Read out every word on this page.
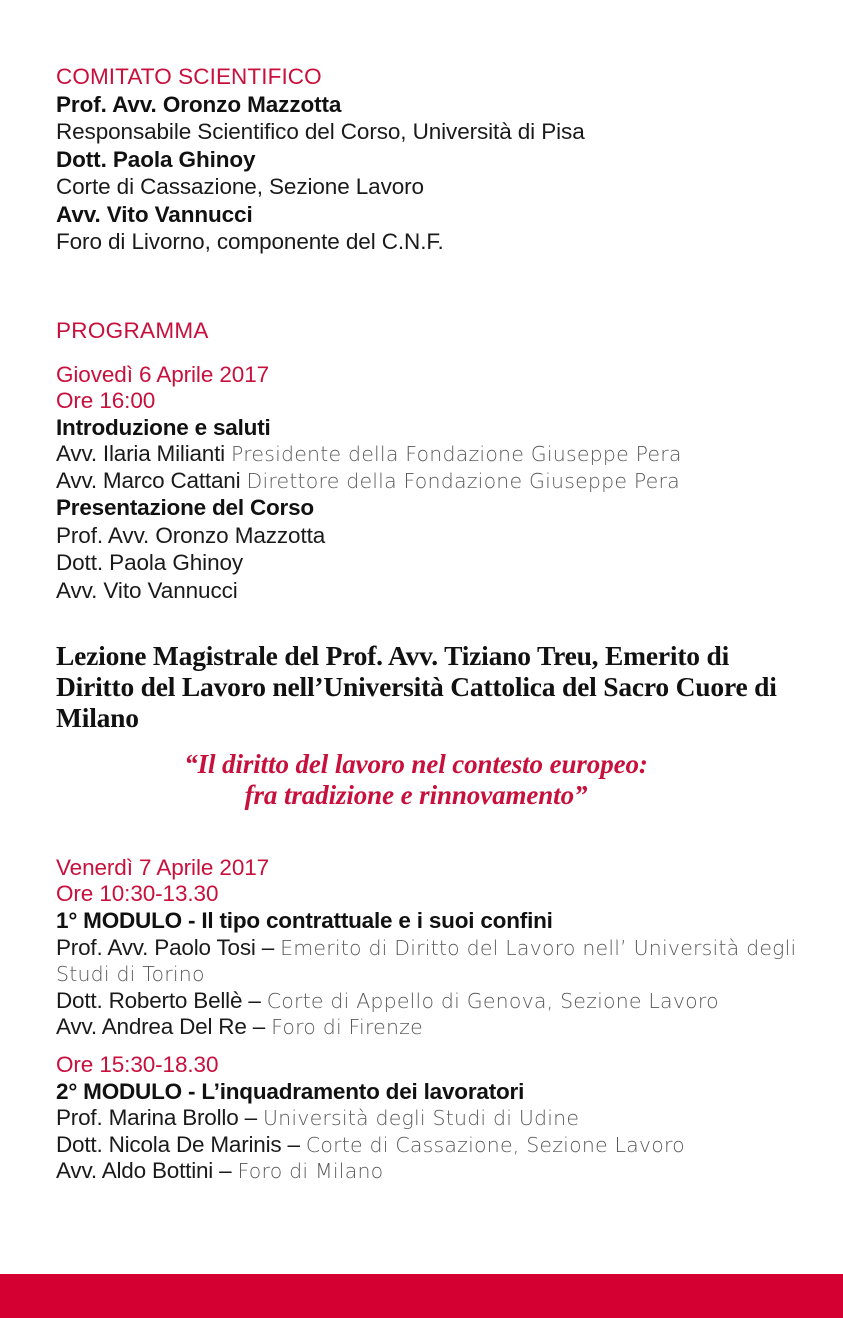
COMITATO SCIENTIFICO
Prof. Avv. Oronzo Mazzotta
Responsabile Scientifico del Corso, Università di Pisa
Dott. Paola Ghinoy
Corte di Cassazione, Sezione Lavoro
Avv. Vito Vannucci
Foro di Livorno, componente del C.N.F.
PROGRAMMA
Giovedì 6 Aprile 2017
Ore 16:00
Introduzione e saluti
Avv. Ilaria Milianti Presidente della Fondazione Giuseppe Pera
Avv. Marco Cattani Direttore della Fondazione Giuseppe Pera
Presentazione del Corso
Prof. Avv. Oronzo Mazzotta
Dott. Paola Ghinoy
Avv. Vito Vannucci
Lezione Magistrale del Prof. Avv. Tiziano Treu, Emerito di Diritto del Lavoro nell’Università Cattolica del Sacro Cuore di Milano
“Il diritto del lavoro nel contesto europeo:
fra tradizione e rinnovamento”
Venerdì 7 Aprile 2017
Ore 10:30-13.30
1° MODULO - Il tipo contrattuale e i suoi confini
Prof. Avv. Paolo Tosi – Emerito di Diritto del Lavoro nell’ Università degli Studi di Torino
Dott. Roberto Bellè – Corte di Appello di Genova, Sezione Lavoro
Avv. Andrea Del Re – Foro di Firenze
Ore 15:30-18.30
2° MODULO - L’inquadramento dei lavoratori
Prof. Marina Brollo – Università degli Studi di Udine
Dott. Nicola De Marinis – Corte di Cassazione, Sezione Lavoro
Avv. Aldo Bottini – Foro di Milano
